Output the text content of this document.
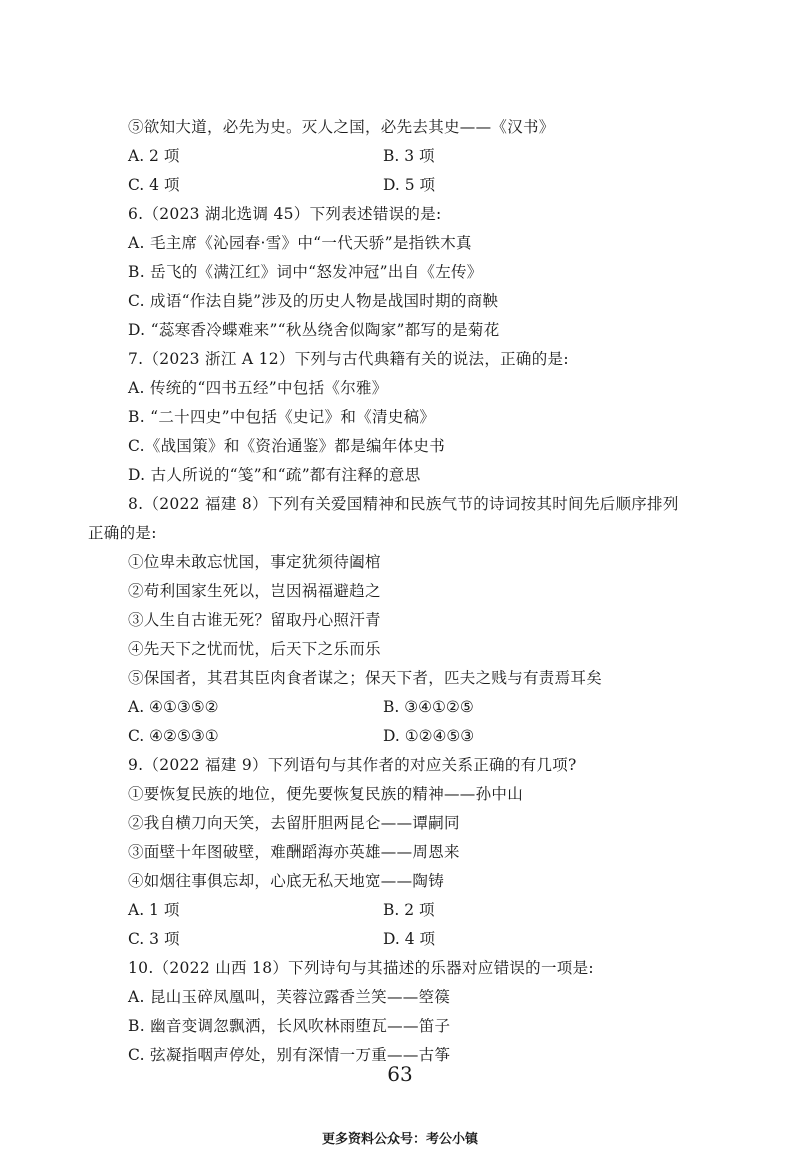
⑤欲知大道，必先为史。灭人之国，必先去其史——《汉书》
A. 2 项	B. 3 项
C. 4 项	D. 5 项
6.（2023 湖北选调 45）下列表述错误的是:
A. 毛主席《沁园春·雪》中“一代天骄”是指铁木真
B. 岳飞的《满江红》词中“怒发冲冠”出自《左传》
C. 成语“作法自毙”涉及的历史人物是战国时期的商鞅
D. “蕊寒香冷蝶难来”“秋丛绕舍似陶家”都写的是菊花
7.（2023 浙江 A 12）下列与古代典籍有关的说法，正确的是:
A. 传统的“四书五经”中包括《尔雅》
B. “二十四史”中包括《史记》和《清史稿》
C.《战国策》和《资治通鉴》都是编年体史书
D. 古人所说的“笺”和“疏”都有注释的意思
8.（2022 福建 8）下列有关爱国精神和民族气节的诗词按其时间先后顺序排列
正确的是:
①位卑未敢忘忧国，事定犹须待阖棺
②苟利国家生死以，岂因祸福避趋之
③人生自古谁无死？留取丹心照汗青
④先天下之忧而忧，后天下之乐而乐
⑤保国者，其君其臣肉食者谋之；保天下者，匹夫之贱与有责焉耳矣
A. ④①③⑤②	B. ③④①②⑤
C. ④②⑤③①	D. ①②④⑤③
9.（2022 福建 9）下列语句与其作者的对应关系正确的有几项?
①要恢复民族的地位，便先要恢复民族的精神——孙中山
②我自横刀向天笑，去留肝胆两昆仑——谭嗣同
③面壁十年图破壁，难酬蹈海亦英雄——周恩来
④如烟往事俱忘却，心底无私天地宽——陶铸
A. 1 项	B. 2 项
C. 3 项	D. 4 项
10.（2022 山西 18）下列诗句与其描述的乐器对应错误的一项是:
A. 昆山玉碎凤凰叫，芙蓉泣露香兰笑——箜篌
B. 幽音变调忽飘洒，长风吹林雨堕瓦——笛子
C. 弦凝指咽声停处，别有深情一万重——古筝
63
更多资料公众号：考公小镇
